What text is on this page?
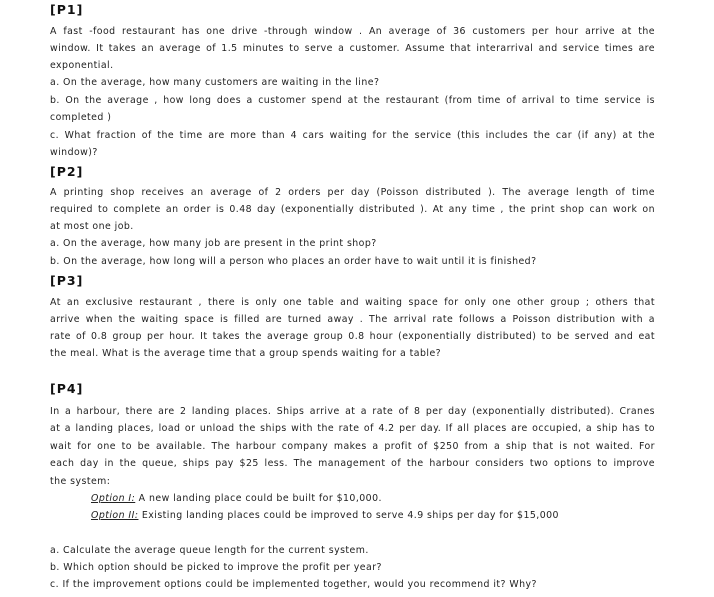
[P1]
A fast -food restaurant has one drive -through window . An average of 36 customers per hour arrive at the
window. It takes an average of 1.5 minutes to serve a customer. Assume that interarrival and service times are
exponential.
a. On the average, how many customers are waiting in the line?
b. On the average , how long does a customer spend at the restaurant (from time of arrival to time service is
completed )
c. What fraction of the time are more than 4 cars waiting for the service (this includes the car (if any) at the
window)?
[P2]
A printing shop receives an average of 2 orders per day (Poisson distributed ). The average length of time
required to complete an order is 0.48 day (exponentially distributed ). At any time , the print shop can work on
at most one job.
a. On the average, how many job are present in the print shop?
b. On the average, how long will a person who places an order have to wait until it is finished?
[P3]
At an exclusive restaurant , there is only one table and waiting space for only one other group ; others that
arrive when the waiting space is filled are turned away . The arrival rate follows a Poisson distribution with a
rate of 0.8 group per hour. It takes the average group 0.8 hour (exponentially distributed) to be served and eat
the meal. What is the average time that a group spends waiting for a table?
[P4]
In a harbour, there are 2 landing places. Ships arrive at a rate of 8 per day (exponentially distributed). Cranes
at a landing places, load or unload the ships with the rate of 4.2 per day. If all places are occupied, a ship has to
wait for one to be available. The harbour company makes a profit of $250 from a ship that is not waited. For
each day in the queue, ships pay $25 less. The management of the harbour considers two options to improve
the system:
Option I: A new landing place could be built for $10,000.
Option II: Existing landing places could be improved to serve 4.9 ships per day for $15,000
a. Calculate the average queue length for the current system.
b. Which option should be picked to improve the profit per year?
c. If the improvement options could be implemented together, would you recommend it? Why?
